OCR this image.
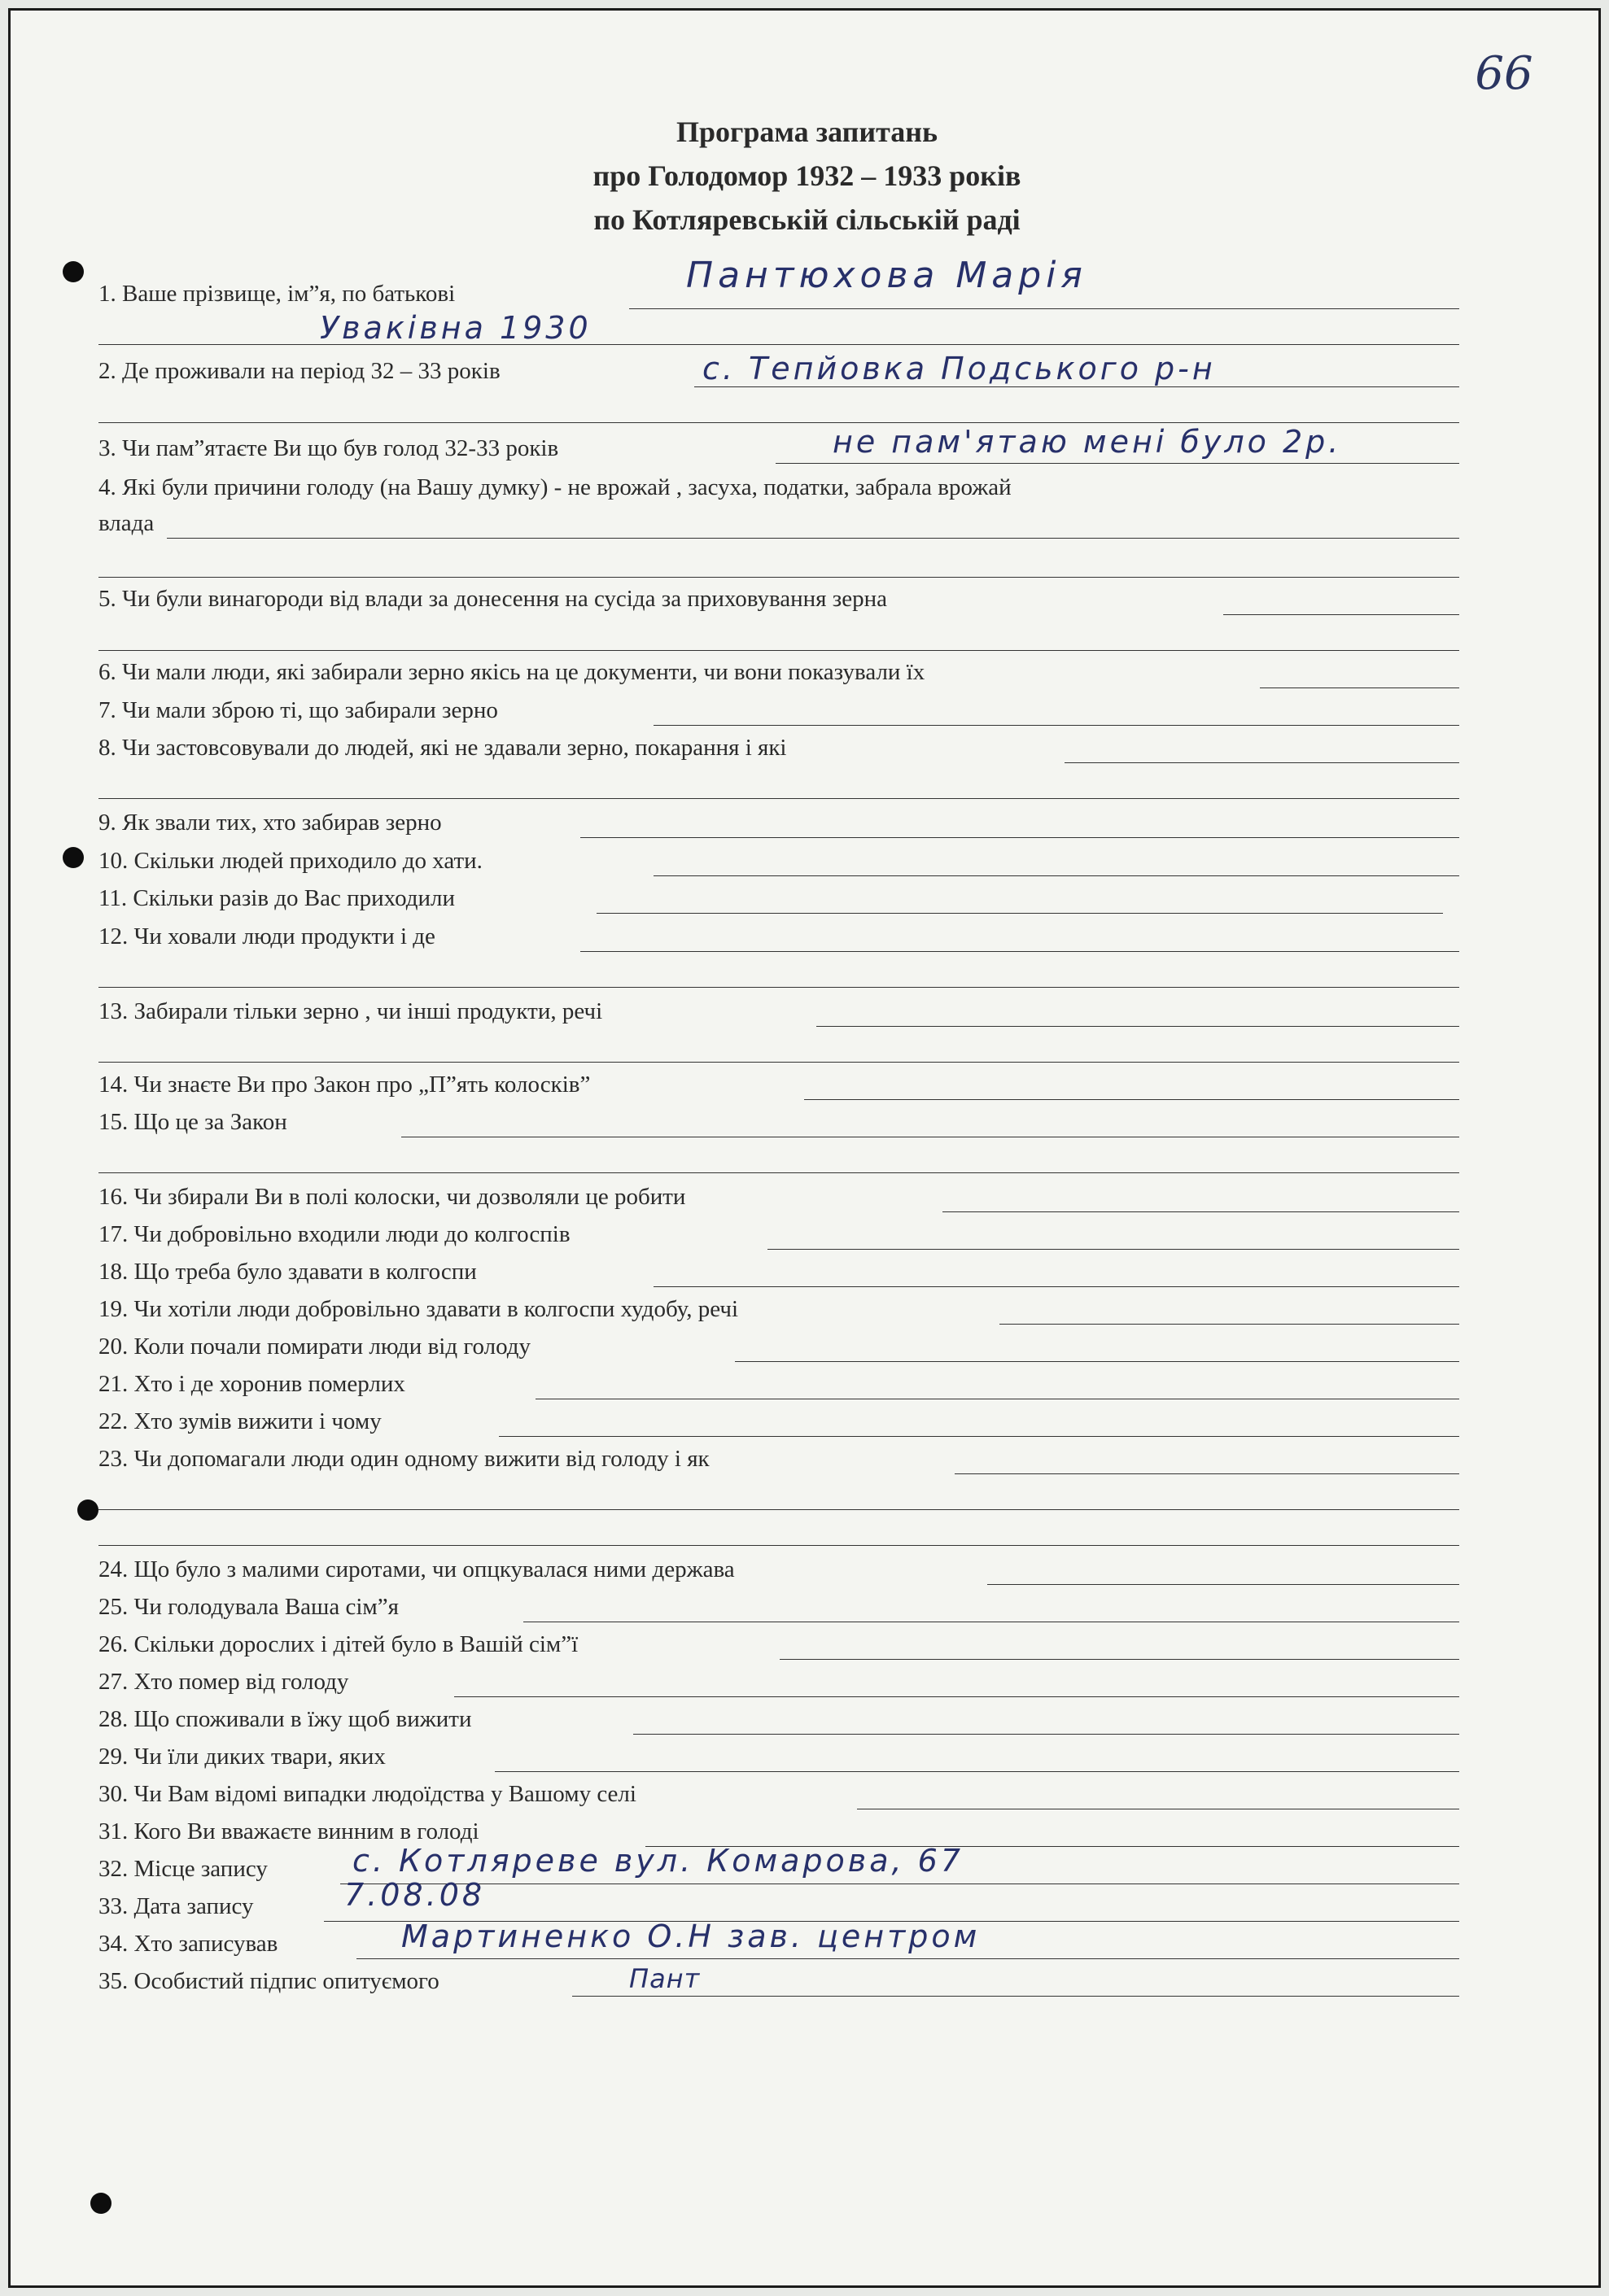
66
Програма запитань
про Голодомор 1932 – 1933 років
по Котляревській сільській раді
1. Ваше прізвище, ім”я, по батькові	Пантюхова Марія
Уваківна 1930
2. Де проживали на період 32 – 33 років	с. Тепйовка Подського р-н
3. Чи пам”ятаєте Ви що був голод 32-33 років	не пам'ятаю мені було 2р.
4. Які були причини голоду (на Вашу думку) - не врожай , засуха, податки, забрала врожай
влада
5. Чи були винагороди від влади за донесення на сусіда за приховування зерна
6. Чи мали люди, які забирали зерно якісь на це документи, чи вони показували їх
7. Чи мали зброю ті, що забирали зерно
8. Чи застовсовували до людей, які не здавали зерно, покарання і які
9. Як звали тих, хто забирав зерно
10. Скільки людей приходило до хати.
11. Скільки разів до Вас приходили
12. Чи ховали люди продукти і де
13. Забирали тільки зерно , чи інші продукти, речі
14. Чи знаєте Ви про Закон про „П”ять колосків”
15. Що це за Закон
16. Чи збирали Ви в полі колоски, чи дозволяли це робити
17. Чи добровільно входили люди до колгоспів
18. Що треба було здавати в колгоспи
19. Чи хотіли люди добровільно здавати в колгоспи худобу, речі
20. Коли почали помирати люди від голоду
21. Хто і де хоронив померлих
22. Хто зумів вижити і чому
23. Чи допомагали люди один одному вижити від голоду і як
24. Що було з малими сиротами, чи опцкувалася ними держава
25. Чи голодувала Ваша сім”я
26. Скільки дорослих і дітей було в Вашій сім”ї
27. Хто помер від голоду
28. Що споживали в їжу щоб вижити
29. Чи їли диких твари, яких
30. Чи Вам відомі випадки людоїдства у Вашому селі
31. Кого Ви вважаєте винним в голоді
32. Місце запису	с. Котляреве вул. Комарова, 67
33. Дата запису	7.08.08
34. Хто записував	Мартиненко О.Н зав. центром
35. Особистий підпис опитуємого	Пант
